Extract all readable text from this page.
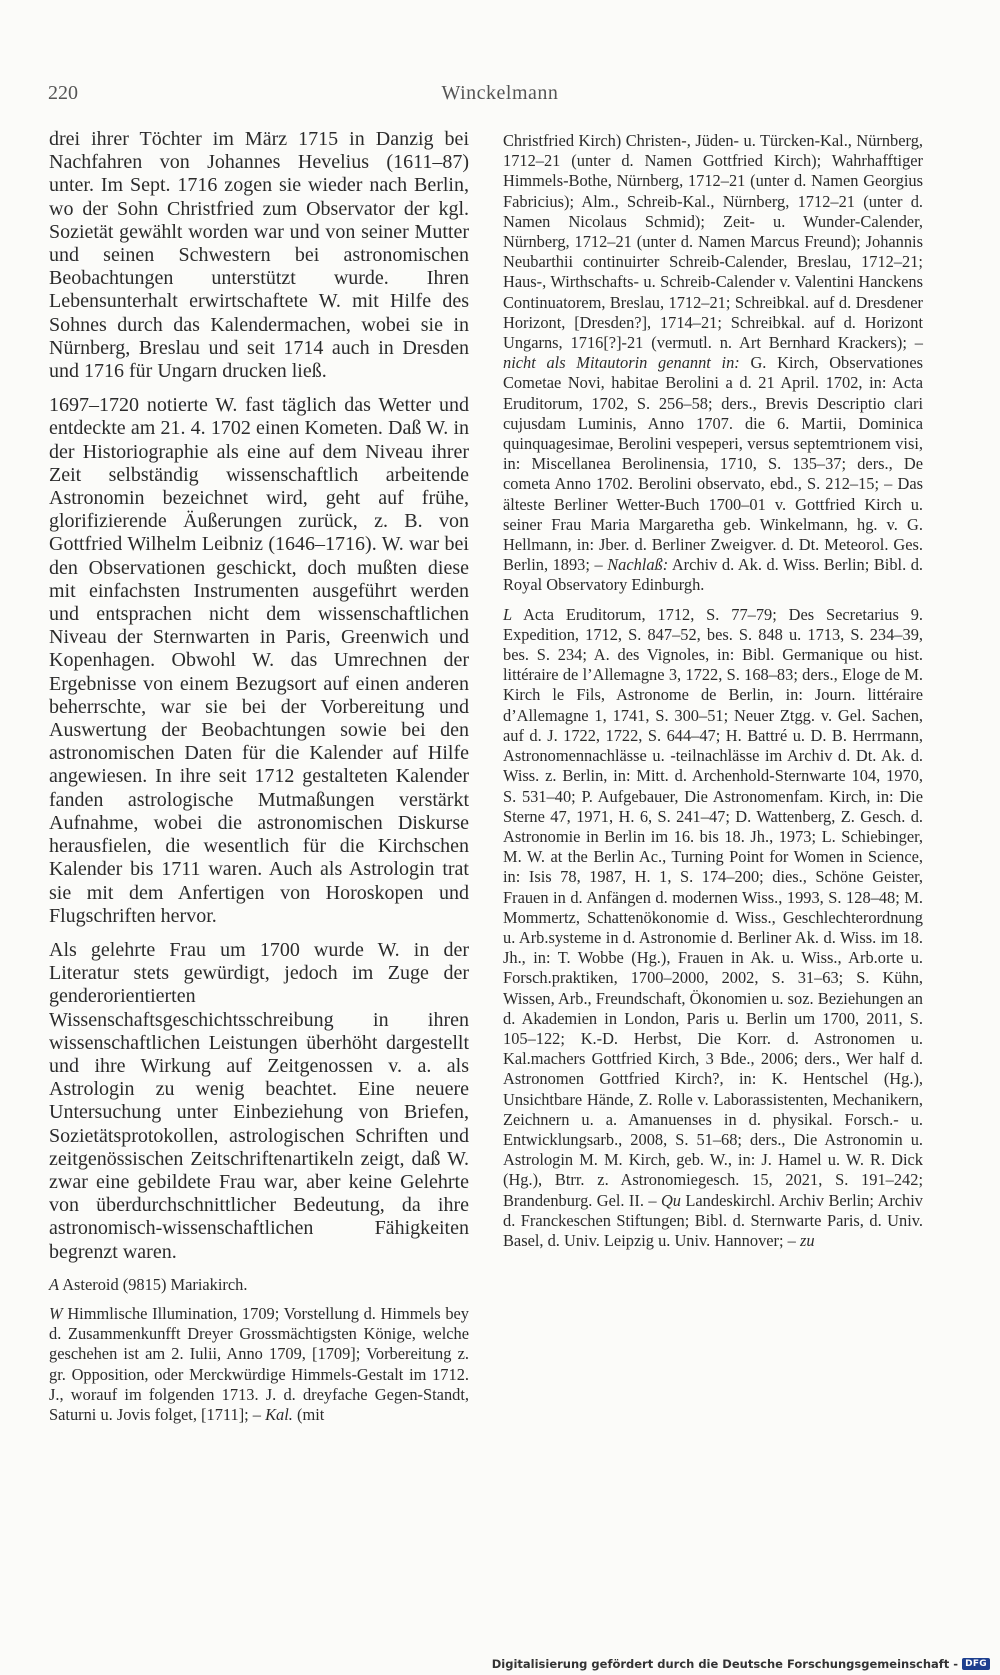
220	Winckelmann

drei ihrer Töchter im März 1715 in Danzig bei Nachfahren von Johannes Hevelius (1611–87) unter. Im Sept. 1716 zogen sie wieder nach Berlin, wo der Sohn Christfried zum Observator der kgl. Sozietät gewählt worden war und von seiner Mutter und seinen Schwestern bei astronomischen Beobachtungen unterstützt wurde. Ihren Lebensunterhalt erwirtschaftete W. mit Hilfe des Sohnes durch das Kalendermachen, wobei sie in Nürnberg, Breslau und seit 1714 auch in Dresden und 1716 für Ungarn drucken ließ.

1697–1720 notierte W. fast täglich das Wetter und entdeckte am 21. 4. 1702 einen Kometen. Daß W. in der Historiographie als eine auf dem Niveau ihrer Zeit selbständig wissenschaftlich arbeitende Astronomin bezeichnet wird, geht auf frühe, glorifizierende Äußerungen zurück, z. B. von Gottfried Wilhelm Leibniz (1646–1716). W. war bei den Observationen geschickt, doch mußten diese mit einfachsten Instrumenten ausgeführt werden und entsprachen nicht dem wissenschaftlichen Niveau der Sternwarten in Paris, Greenwich und Kopenhagen. Obwohl W. das Umrechnen der Ergebnisse von einem Bezugsort auf einen anderen beherrschte, war sie bei der Vorbereitung und Auswertung der Beobachtungen sowie bei den astronomischen Daten für die Kalender auf Hilfe angewiesen. In ihre seit 1712 gestalteten Kalender fanden astrologische Mutmaßungen verstärkt Aufnahme, wobei die astronomischen Diskurse herausfielen, die wesentlich für die Kirchschen Kalender bis 1711 waren. Auch als Astrologin trat sie mit dem Anfertigen von Horoskopen und Flugschriften hervor.

Als gelehrte Frau um 1700 wurde W. in der Literatur stets gewürdigt, jedoch im Zuge der genderorientierten Wissenschaftsgeschichtsschreibung in ihren wissenschaftlichen Leistungen überhöht dargestellt und ihre Wirkung auf Zeitgenossen v. a. als Astrologin zu wenig beachtet. Eine neuere Untersuchung unter Einbeziehung von Briefen, Sozietätsprotokollen, astrologischen Schriften und zeitgenössischen Zeitschriftenartikeln zeigt, daß W. zwar eine gebildete Frau war, aber keine Gelehrte von überdurchschnittlicher Bedeutung, da ihre astronomisch-wissenschaftlichen Fähigkeiten begrenzt waren.

A Asteroid (9815) Mariakirch.

W Himmlische Illumination, 1709; Vorstellung d. Himmels bey d. Zusammenkunfft Dreyer Grossmächtigsten Könige, welche geschehen ist am 2. Iulii, Anno 1709, [1709]; Vorbereitung z. gr. Opposition, oder Merckwürdige Himmels-Gestalt im 1712. J., worauf im folgenden 1713. J. d. dreyfache Gegen-Standt, Saturni u. Jovis folget, [1711]; – Kal. (mit

Christfried Kirch) Christen-, Jüden- u. Türcken-Kal., Nürnberg, 1712–21 (unter d. Namen Gottfried Kirch); Wahrhafftiger Himmels-Bothe, Nürnberg, 1712–21 (unter d. Namen Georgius Fabricius); Alm., Schreib-Kal., Nürnberg, 1712–21 (unter d. Namen Nicolaus Schmid); Zeit- u. Wunder-Calender, Nürnberg, 1712–21 (unter d. Namen Marcus Freund); Johannis Neubarthii continuirter Schreib-Calender, Breslau, 1712–21; Haus-, Wirthschafts- u. Schreib-Calender v. Valentini Hanckens Continuatorem, Breslau, 1712–21; Schreibkal. auf d. Dresdener Horizont, [Dresden?], 1714–21; Schreibkal. auf d. Horizont Ungarns, 1716[?]-21 (vermutl. n. Art Bernhard Krackers); – nicht als Mitautorin genannt in: G. Kirch, Observationes Cometae Novi, habitae Berolini a d. 21 April. 1702, in: Acta Eruditorum, 1702, S. 256–58; ders., Brevis Descriptio clari cujusdam Luminis, Anno 1707. die 6. Martii, Dominica quinquagesimae, Berolini vespeperi, versus septemtrionem visi, in: Miscellanea Berolinensia, 1710, S. 135–37; ders., De cometa Anno 1702. Berolini observato, ebd., S. 212–15; – Das älteste Berliner Wetter-Buch 1700–01 v. Gottfried Kirch u. seiner Frau Maria Margaretha geb. Winkelmann, hg. v. G. Hellmann, in: Jber. d. Berliner Zweigver. d. Dt. Meteorol. Ges. Berlin, 1893; – Nachlaß: Archiv d. Ak. d. Wiss. Berlin; Bibl. d. Royal Observatory Edinburgh.

L Acta Eruditorum, 1712, S. 77–79; Des Secretarius 9. Expedition, 1712, S. 847–52, bes. S. 848 u. 1713, S. 234–39, bes. S. 234; A. des Vignoles, in: Bibl. Germanique ou hist. littéraire de l’Allemagne 3, 1722, S. 168–83; ders., Eloge de M. Kirch le Fils, Astronome de Berlin, in: Journ. littéraire d’Allemagne 1, 1741, S. 300–51; Neuer Ztgg. v. Gel. Sachen, auf d. J. 1722, 1722, S. 644–47; H. Battré u. D. B. Herrmann, Astronomennachlässe u. -teilnachlässe im Archiv d. Dt. Ak. d. Wiss. z. Berlin, in: Mitt. d. Archenhold-Sternwarte 104, 1970, S. 531–40; P. Aufgebauer, Die Astronomenfam. Kirch, in: Die Sterne 47, 1971, H. 6, S. 241–47; D. Wattenberg, Z. Gesch. d. Astronomie in Berlin im 16. bis 18. Jh., 1973; L. Schiebinger, M. W. at the Berlin Ac., Turning Point for Women in Science, in: Isis 78, 1987, H. 1, S. 174–200; dies., Schöne Geister, Frauen in d. Anfängen d. modernen Wiss., 1993, S. 128–48; M. Mommertz, Schattenökonomie d. Wiss., Geschlechterordnung u. Arb.systeme in d. Astronomie d. Berliner Ak. d. Wiss. im 18. Jh., in: T. Wobbe (Hg.), Frauen in Ak. u. Wiss., Arb.orte u. Forsch.praktiken, 1700–2000, 2002, S. 31–63; S. Kühn, Wissen, Arb., Freundschaft, Ökonomien u. soz. Beziehungen an d. Akademien in London, Paris u. Berlin um 1700, 2011, S. 105–122; K.-D. Herbst, Die Korr. d. Astronomen u. Kal.machers Gottfried Kirch, 3 Bde., 2006; ders., Wer half d. Astronomen Gottfried Kirch?, in: K. Hentschel (Hg.), Unsichtbare Hände, Z. Rolle v. Laborassistenten, Mechanikern, Zeichnern u. a. Amanuenses in d. physikal. Forsch.- u. Entwicklungsarb., 2008, S. 51–68; ders., Die Astronomin u. Astrologin M. M. Kirch, geb. W., in: J. Hamel u. W. R. Dick (Hg.), Btrr. z. Astronomiegesch. 15, 2021, S. 191–242; Brandenburg. Gel. II. – Qu Landeskirchl. Archiv Berlin; Archiv d. Franckeschen Stiftungen; Bibl. d. Sternwarte Paris, d. Univ. Basel, d. Univ. Leipzig u. Univ. Hannover; – zu

Digitalisierung gefördert durch die Deutsche Forschungsgemeinschaft - DFG
